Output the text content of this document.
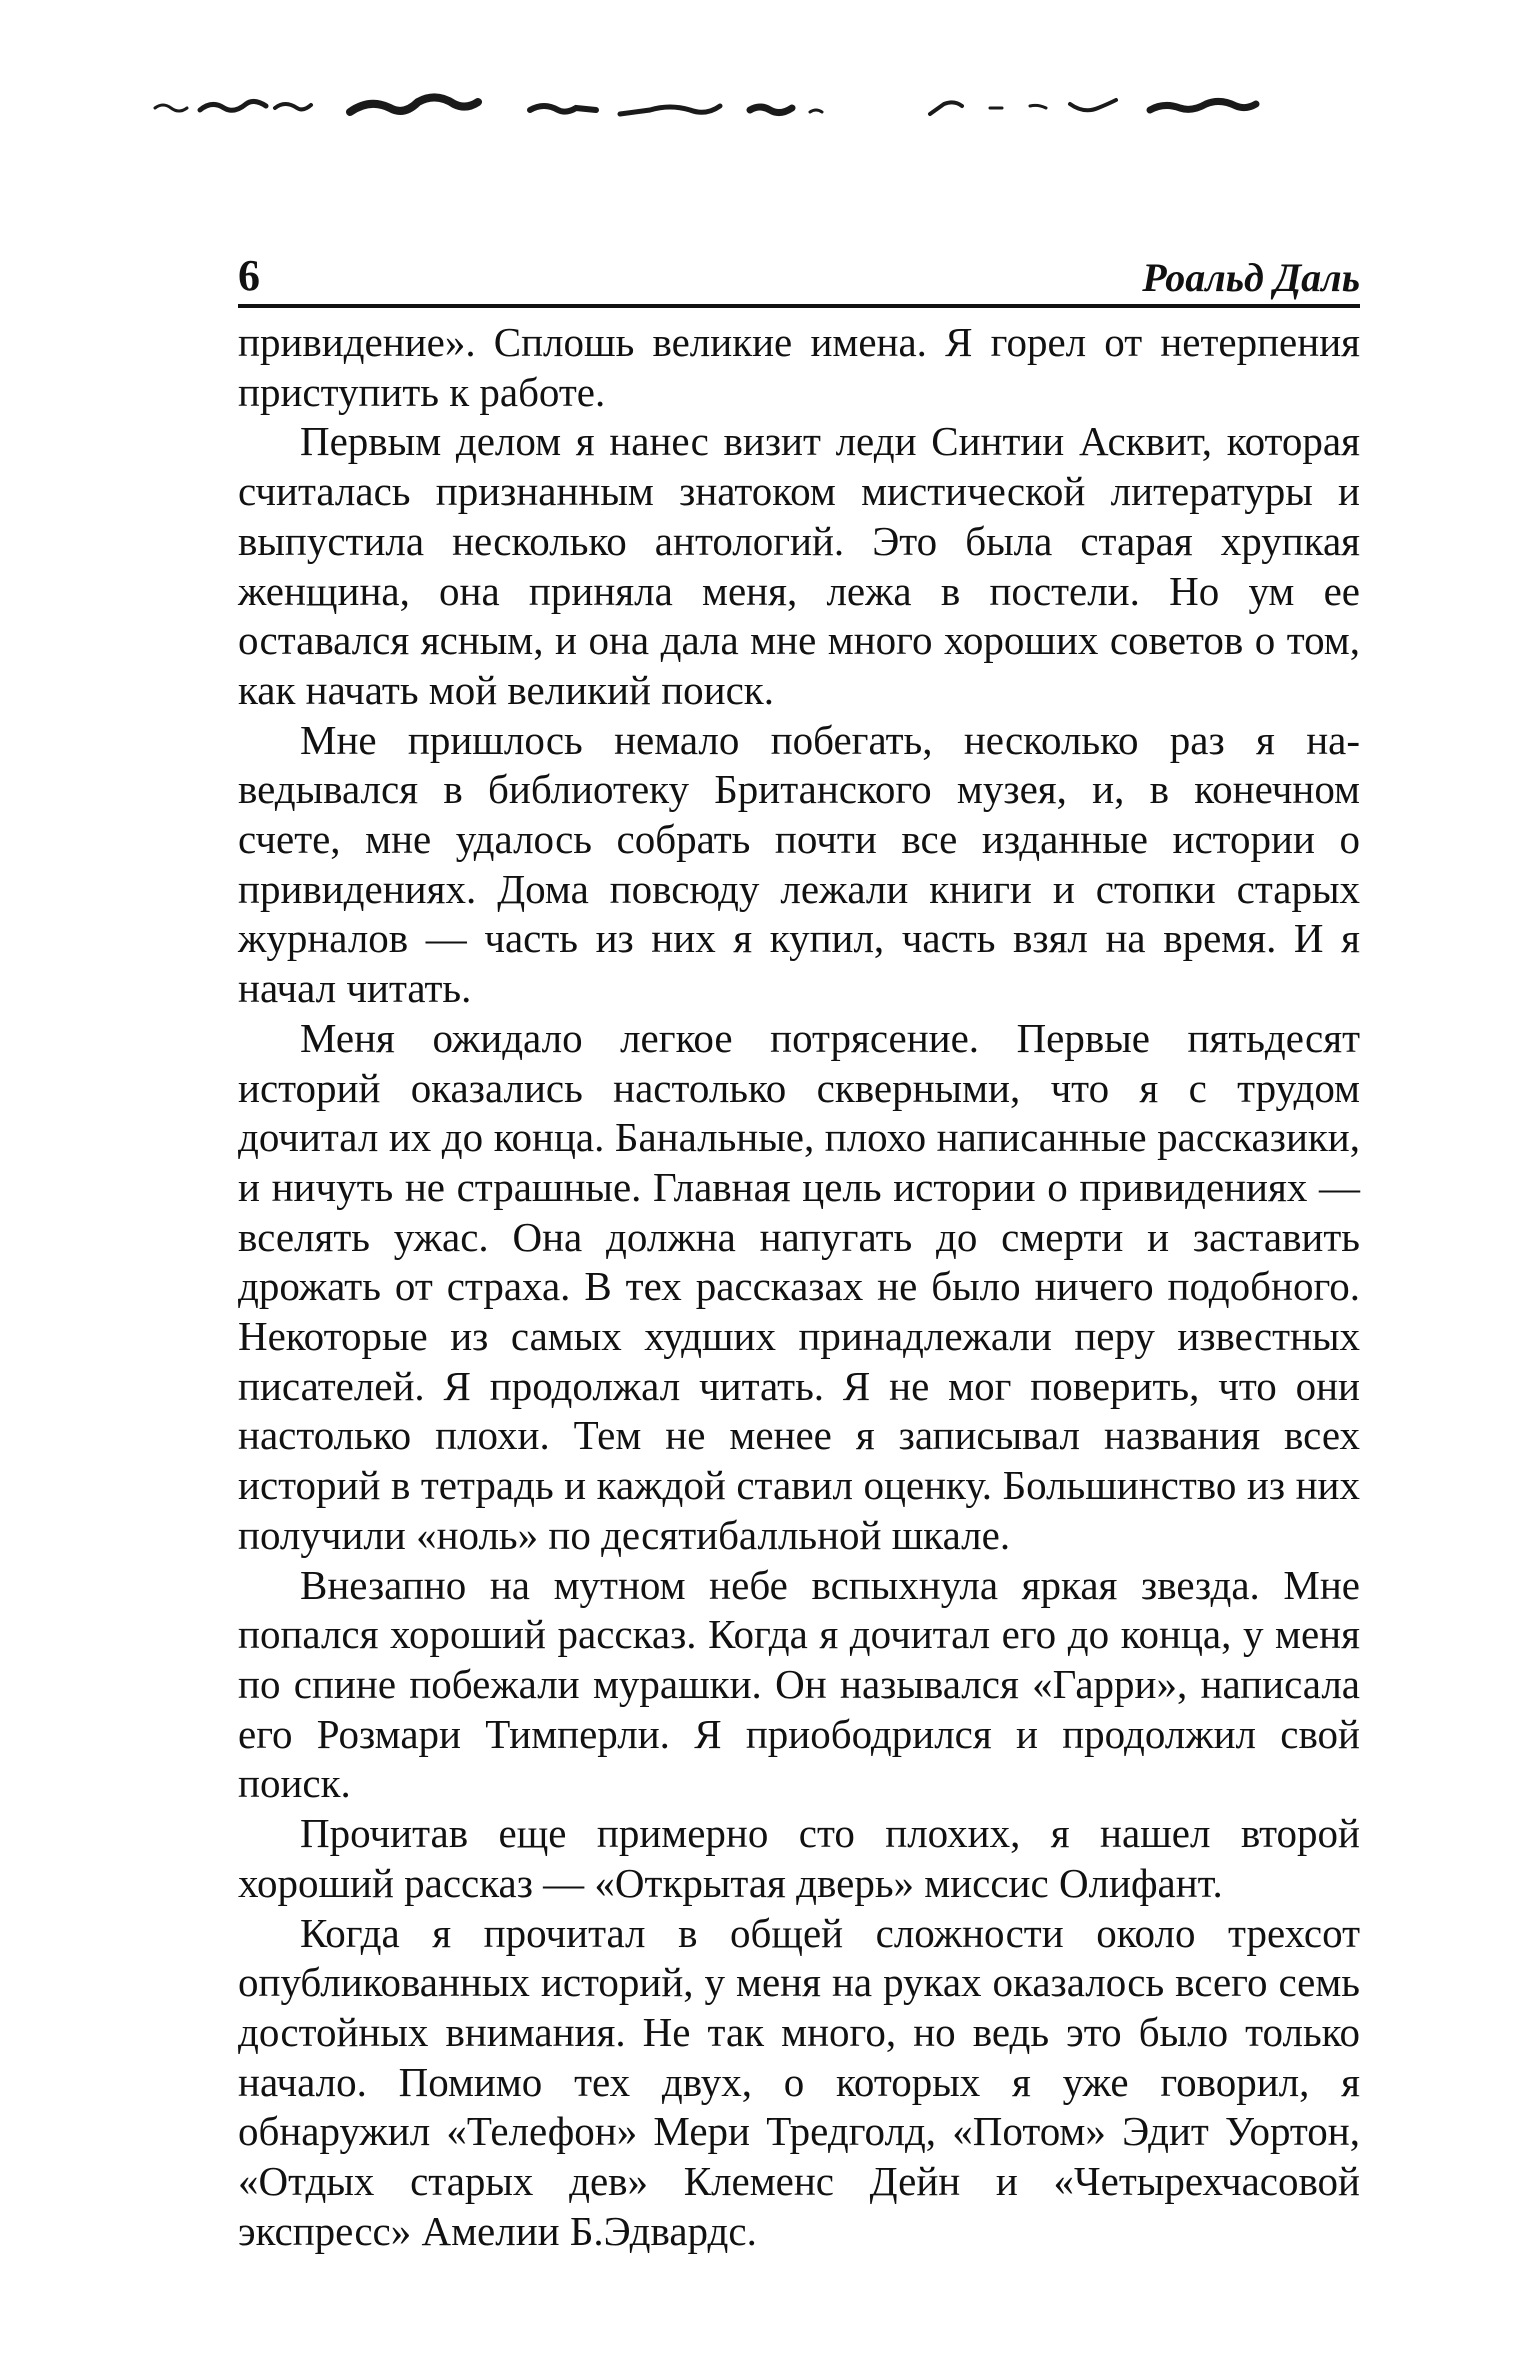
6	Роальд Даль

привидение». Сплошь великие имена. Я горел от нетерпения приступить к работе.

Первым делом я нанес визит леди Синтии Асквит, которая считалась признанным знатоком мистической литературы и выпустила несколько антологий. Это была старая хрупкая женщина, она приняла меня, лежа в постели. Но ум ее оставался ясным, и она дала мне много хороших советов о том, как начать мой великий поиск.

Мне пришлось немало побегать, несколько раз я наведывался в библиотеку Британского музея, и, в конечном счете, мне удалось собрать почти все изданные истории о привидениях. Дома повсюду лежали книги и стопки старых журналов — часть из них я купил, часть взял на время. И я начал читать.

Меня ожидало легкое потрясение. Первые пятьдесят историй оказались настолько скверными, что я с трудом дочитал их до конца. Банальные, плохо написанные рассказики, и ничуть не страшные. Главная цель истории о привидениях — вселять ужас. Она должна напугать до смерти и заставить дрожать от страха. В тех рассказах не было ничего подобного. Некоторые из самых худших принадлежали перу известных писателей. Я продолжал читать. Я не мог поверить, что они настолько плохи. Тем не менее я записывал названия всех историй в тетрадь и каждой ставил оценку. Большинство из них получили «ноль» по десятибалльной шкале.

Внезапно на мутном небе вспыхнула яркая звезда. Мне попался хороший рассказ. Когда я дочитал его до конца, у меня по спине побежали мурашки. Он назывался «Гарри», написала его Розмари Тимперли. Я приободрился и продолжил свой поиск.

Прочитав еще примерно сто плохих, я нашел второй хороший рассказ — «Открытая дверь» миссис Олифант.

Когда я прочитал в общей сложности около трехсот опубликованных историй, у меня на руках оказалось всего семь достойных внимания. Не так много, но ведь это было только начало. Помимо тех двух, о которых я уже говорил, я обнаружил «Телефон» Мери Тредголд, «Потом» Эдит Уортон, «Отдых старых дев» Клеменс Дейн и «Четырехчасовой экспресс» Амелии Б.Эдвардс.
